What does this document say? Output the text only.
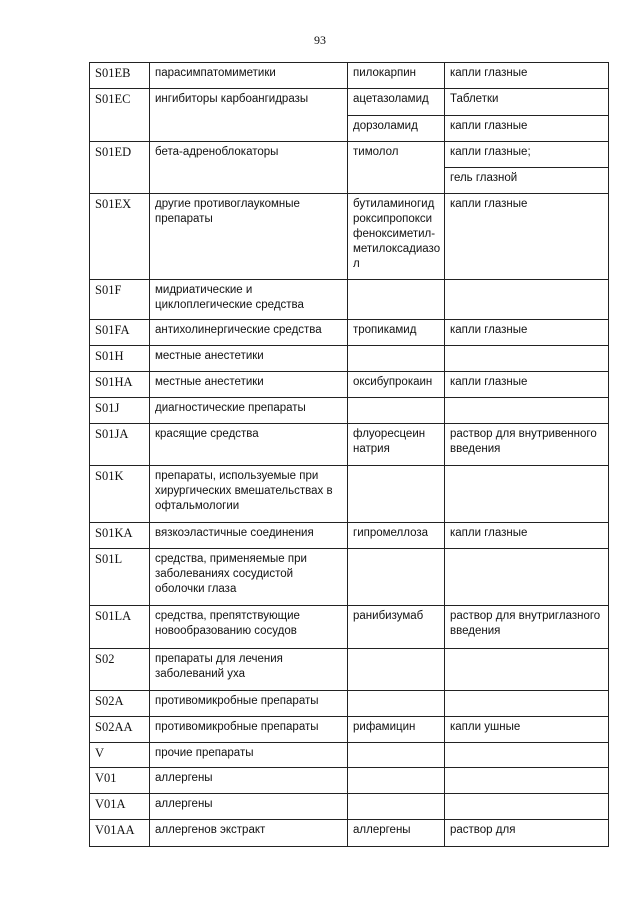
93
S01EB	парасимпатомиметики	пилокарпин	капли глазные
S01EC	ингибиторы карбоангидразы	ацетазоламид	Таблетки
		дорзоламид	капли глазные
S01ED	бета-адреноблокаторы	тимолол	капли глазные;
			гель глазной
S01EX	другие противоглаукомные препараты	бутиламиногид роксипропокси феноксиметил-метилоксадиазо л	капли глазные
S01F	мидриатические и циклоплегические средства		
S01FA	антихолинергические средства	тропикамид	капли глазные
S01H	местные анестетики		
S01HA	местные анестетики	оксибупрокаин	капли глазные
S01J	диагностические препараты		
S01JA	красящие средства	флуоресцеин натрия	раствор для внутривенного введения
S01K	препараты, используемые при хирургических вмешательствах в офтальмологии		
S01KA	вязкоэластичные соединения	гипромеллоза	капли глазные
S01L	средства, применяемые при заболеваниях сосудистой оболочки глаза		
S01LA	средства, препятствующие новообразованию сосудов	ранибизумаб	раствор для внутриглазного введения
S02	препараты для лечения заболеваний уха		
S02A	противомикробные препараты		
S02AA	противомикробные препараты	рифамицин	капли ушные
V	прочие препараты		
V01	аллергены		
V01A	аллергены		
V01AA	аллергенов экстракт	аллергены	раствор для
